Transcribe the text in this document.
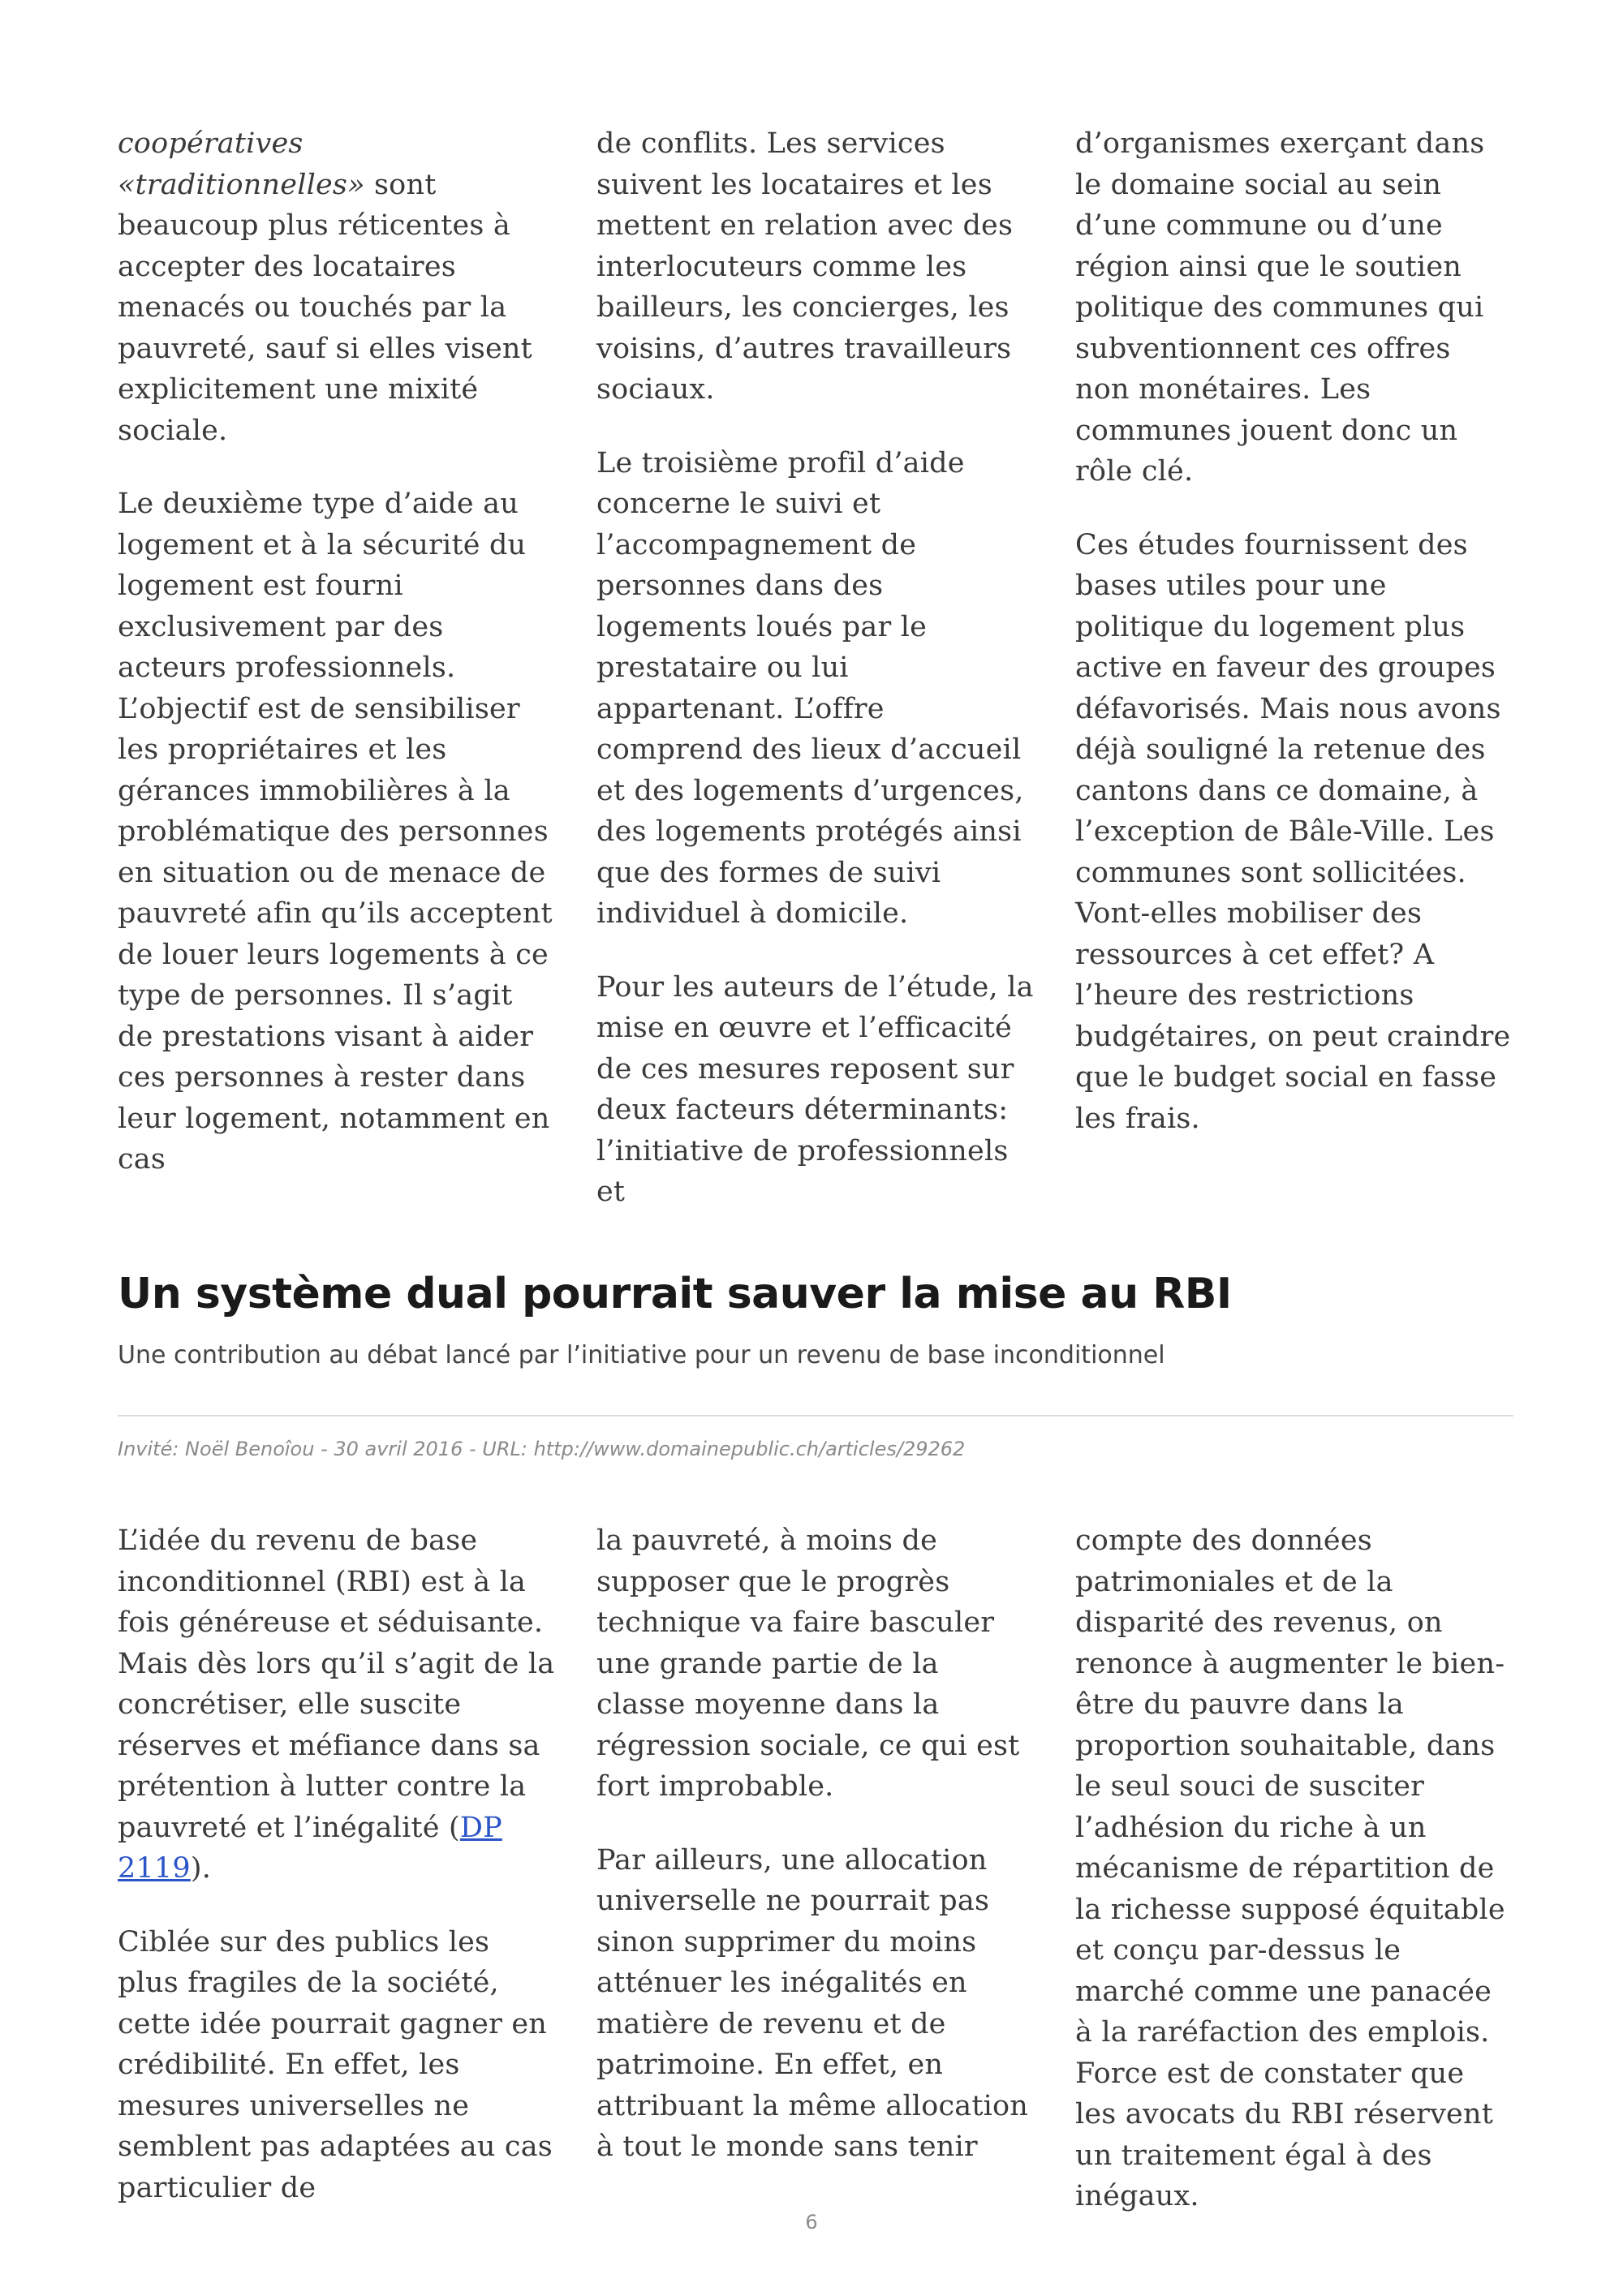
coopératives «traditionnelles» sont beaucoup plus réticentes à accepter des locataires menacés ou touchés par la pauvreté, sauf si elles visent explicitement une mixité sociale.

Le deuxième type d’aide au logement et à la sécurité du logement est fourni exclusivement par des acteurs professionnels. L’objectif est de sensibiliser les propriétaires et les gérances immobilières à la problématique des personnes en situation ou de menace de pauvreté afin qu’ils acceptent de louer leurs logements à ce type de personnes. Il s’agit de prestations visant à aider ces personnes à rester dans leur logement, notamment en cas

de conflits. Les services suivent les locataires et les mettent en relation avec des interlocuteurs comme les bailleurs, les concierges, les voisins, d’autres travailleurs sociaux.

Le troisième profil d’aide concerne le suivi et l’accompagnement de personnes dans des logements loués par le prestataire ou lui appartenant. L’offre comprend des lieux d’accueil et des logements d’urgences, des logements protégés ainsi que des formes de suivi individuel à domicile.

Pour les auteurs de l’étude, la mise en œuvre et l’efficacité de ces mesures reposent sur deux facteurs déterminants: l’initiative de professionnels et

d’organismes exerçant dans le domaine social au sein d’une commune ou d’une région ainsi que le soutien politique des communes qui subventionnent ces offres non monétaires. Les communes jouent donc un rôle clé.

Ces études fournissent des bases utiles pour une politique du logement plus active en faveur des groupes défavorisés. Mais nous avons déjà souligné la retenue des cantons dans ce domaine, à l’exception de Bâle-Ville. Les communes sont sollicitées. Vont-elles mobiliser des ressources à cet effet? A l’heure des restrictions budgétaires, on peut craindre que le budget social en fasse les frais.

Un système dual pourrait sauver la mise au RBI

Une contribution au débat lancé par l’initiative pour un revenu de base inconditionnel

Invité: Noël Benoîou - 30 avril 2016 - URL: http://www.domainepublic.ch/articles/29262

L’idée du revenu de base inconditionnel (RBI) est à la fois généreuse et séduisante. Mais dès lors qu’il s’agit de la concrétiser, elle suscite réserves et méfiance dans sa prétention à lutter contre la pauvreté et l’inégalité (DP 2119).

Ciblée sur des publics les plus fragiles de la société, cette idée pourrait gagner en crédibilité. En effet, les mesures universelles ne semblent pas adaptées au cas particulier de

la pauvreté, à moins de supposer que le progrès technique va faire basculer une grande partie de la classe moyenne dans la régression sociale, ce qui est fort improbable.

Par ailleurs, une allocation universelle ne pourrait pas sinon supprimer du moins atténuer les inégalités en matière de revenu et de patrimoine. En effet, en attribuant la même allocation à tout le monde sans tenir

compte des données patrimoniales et de la disparité des revenus, on renonce à augmenter le bien-être du pauvre dans la proportion souhaitable, dans le seul souci de susciter l’adhésion du riche à un mécanisme de répartition de la richesse supposé équitable et conçu par-dessus le marché comme une panacée à la raréfaction des emplois. Force est de constater que les avocats du RBI réservent un traitement égal à des inégaux.

6
